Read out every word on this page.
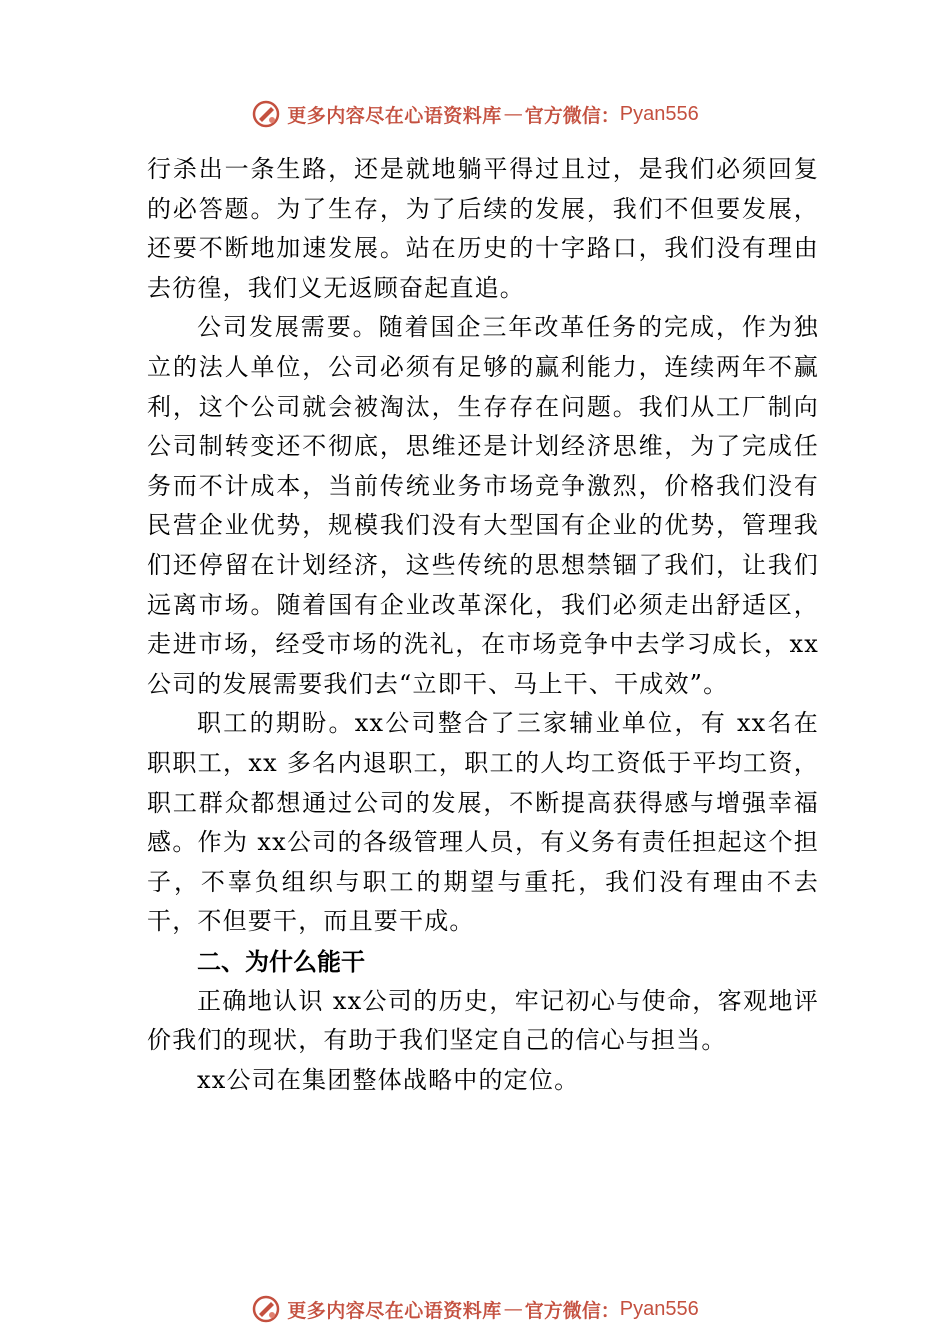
更多内容尽在心语资料库 — 官方微信： Pyan556

行杀出一条生路，还是就地躺平得过且过，是我们必须回复的必答题。为了生存，为了后续的发展，我们不但要发展，还要不断地加速发展。站在历史的十字路口，我们没有理由去彷徨，我们义无返顾奋起直追。

公司发展需要。随着国企三年改革任务的完成，作为独立的法人单位，公司必须有足够的赢利能力，连续两年不赢利，这个公司就会被淘汰，生存存在问题。我们从工厂制向公司制转变还不彻底，思维还是计划经济思维，为了完成任务而不计成本，当前传统业务市场竞争激烈，价格我们没有民营企业优势，规模我们没有大型国有企业的优势，管理我们还停留在计划经济，这些传统的思想禁锢了我们，让我们远离市场。随着国有企业改革深化，我们必须走出舒适区， 走进市场，经受市场的洗礼，在市场竞争中去学习成长，xx公司的发展需要我们去“立即干、马上干、干成效”。

职工的期盼。xx公司整合了三家辅业单位，有 xx名在职职工，xx 多名内退职工，职工的人均工资低于平均工资，职工群众都想通过公司的发展，不断提高获得感与增强幸福感。作为 xx公司的各级管理人员，有义务有责任担起这个担子，不辜负组织与职工的期望与重托，我们没有理由不去干，不但要干，而且要干成。

二、为什么能干

正确地认识 xx公司的历史，牢记初心与使命，客观地评价我们的现状，有助于我们坚定自己的信心与担当。

xx公司在集团整体战略中的定位。

更多内容尽在心语资料库 — 官方微信： Pyan556
